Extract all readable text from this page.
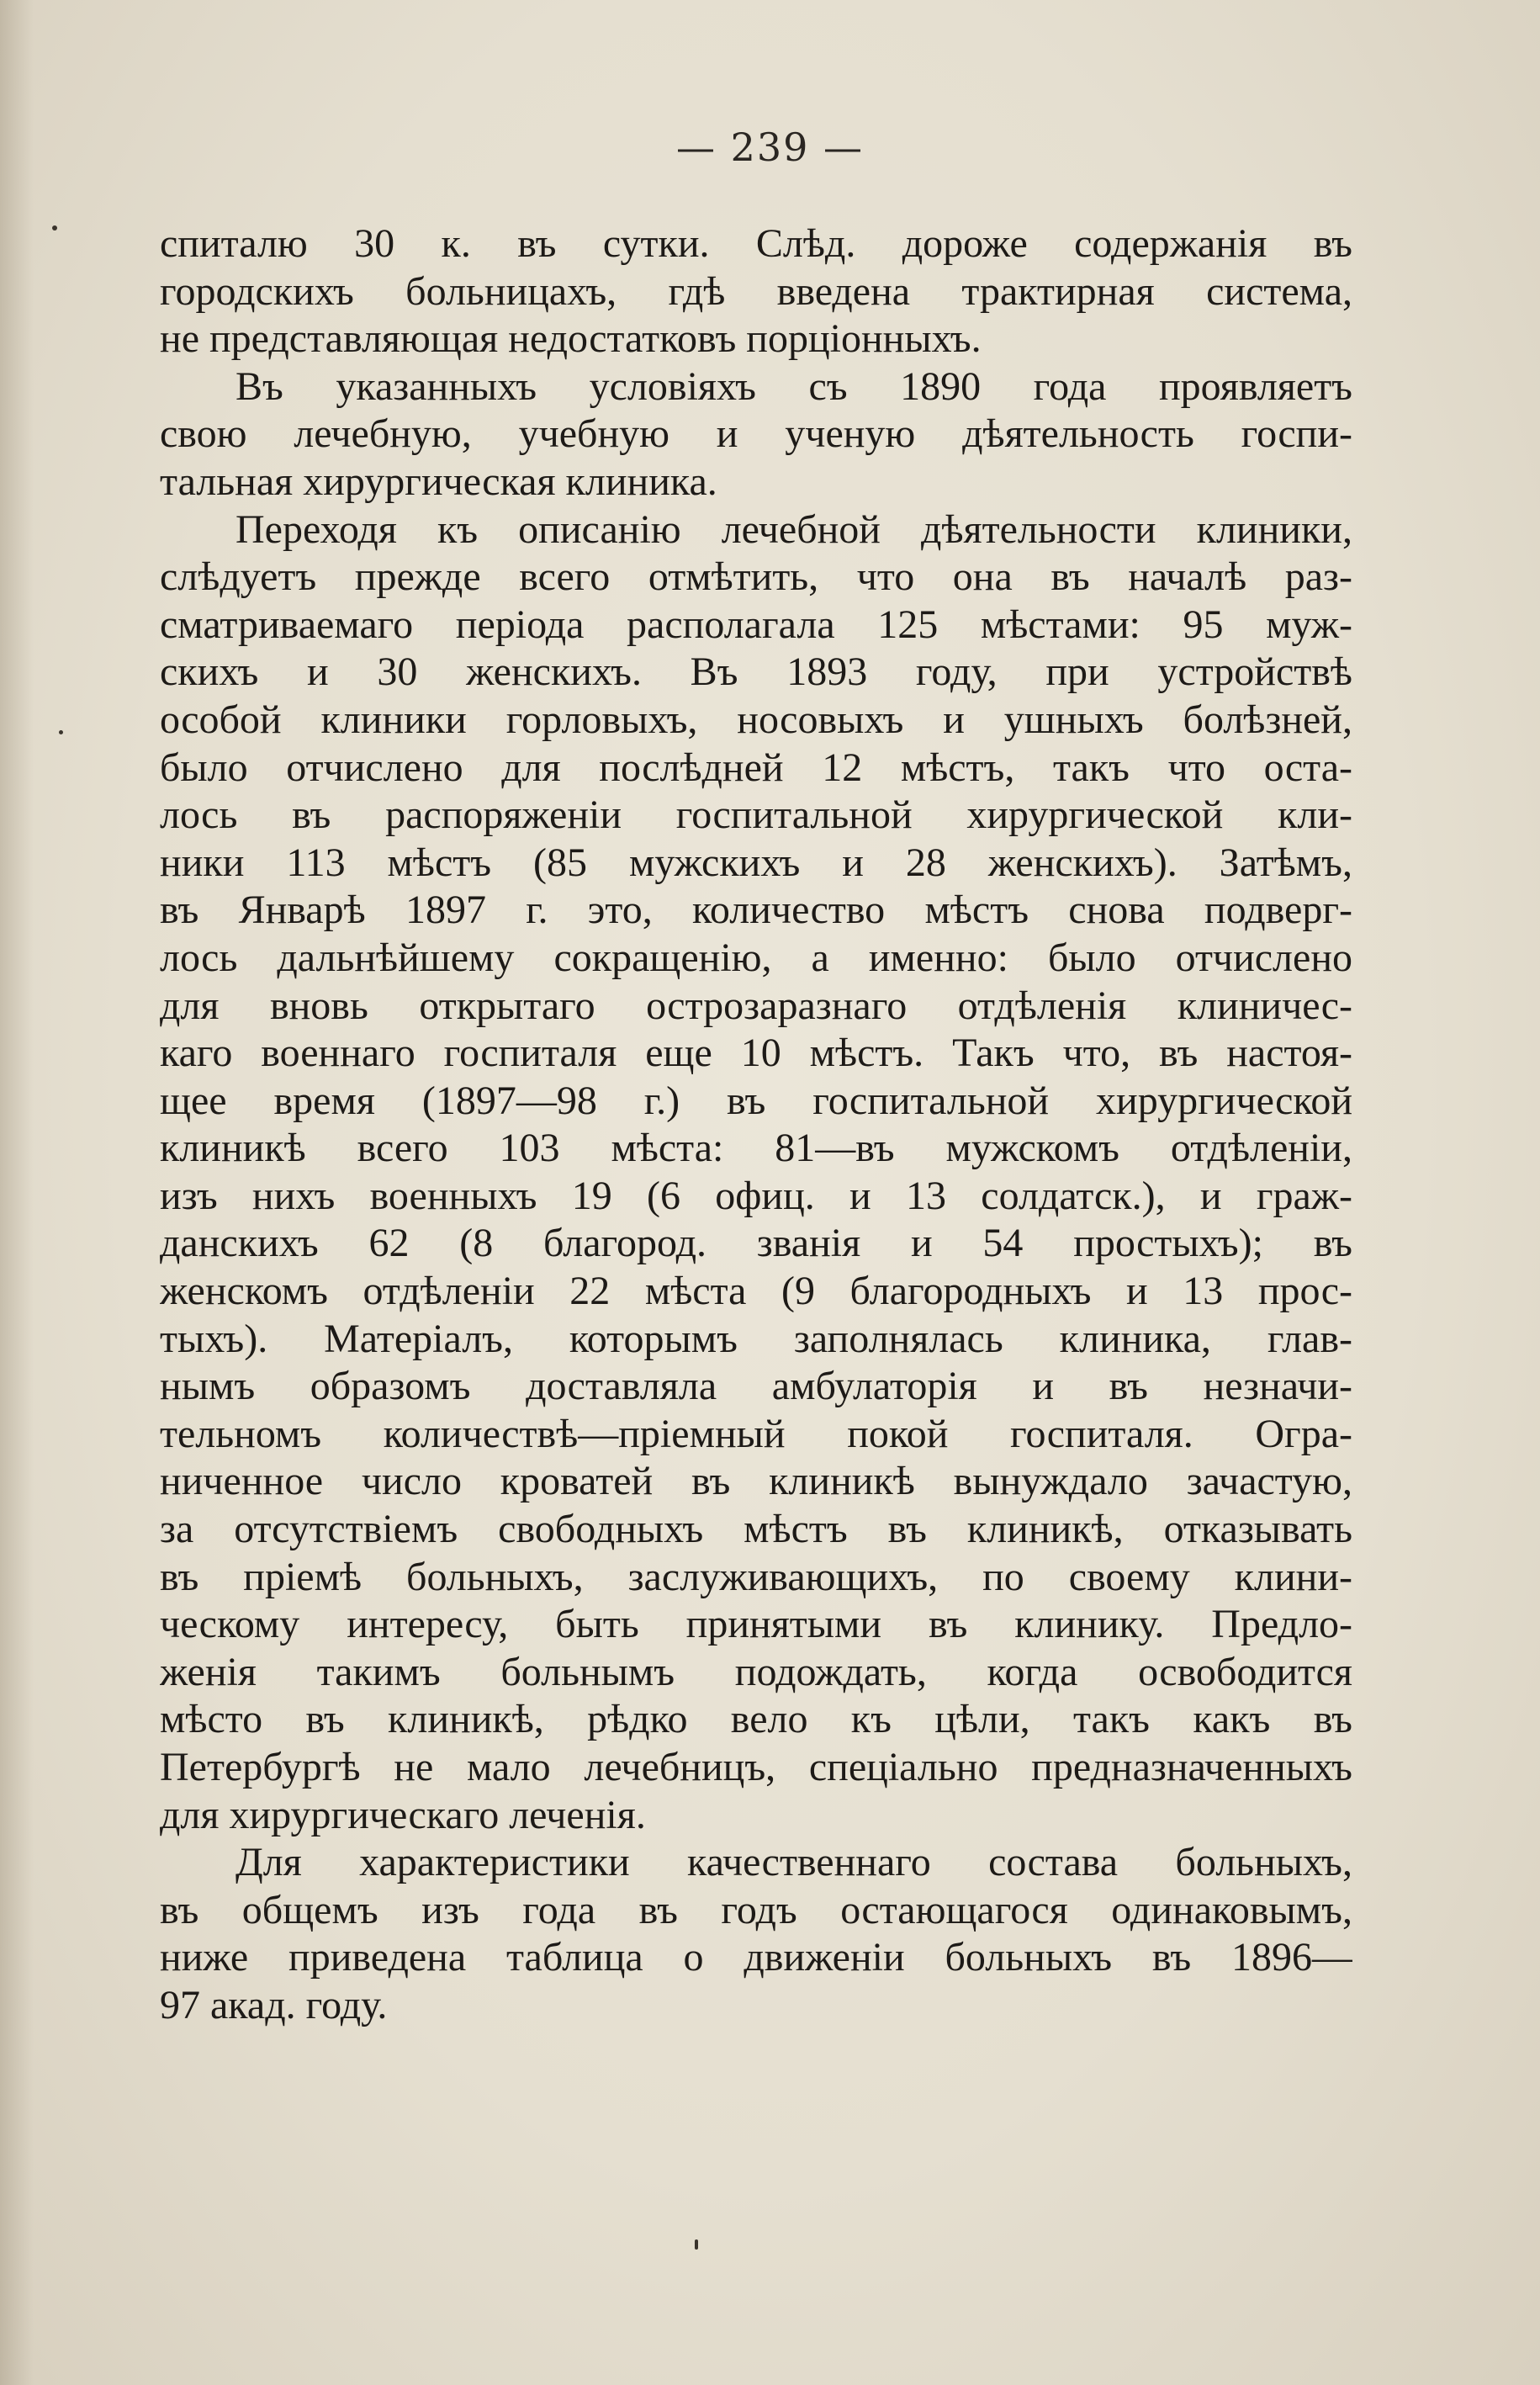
— 239 —
спиталю 30 к. въ сутки. Слѣд. дороже содержанія въ
городскихъ больницахъ, гдѣ введена трактирная система,
не представляющая недостатковъ порціонныхъ.
Въ указанныхъ условіяхъ съ 1890 года проявляетъ
свою лечебную, учебную и ученую дѣятельность госпи-
тальная хирургическая клиника.
Переходя къ описанію лечебной дѣятельности клиники,
слѣдуетъ прежде всего отмѣтить, что она въ началѣ раз-
сматриваемаго періода располагала 125 мѣстами: 95 муж-
скихъ и 30 женскихъ. Въ 1893 году, при устройствѣ
особой клиники горловыхъ, носовыхъ и ушныхъ болѣзней,
было отчислено для послѣдней 12 мѣстъ, такъ что оста-
лось въ распоряженіи госпитальной хирургической кли-
ники 113 мѣстъ (85 мужскихъ и 28 женскихъ). Затѣмъ,
въ Январѣ 1897 г. это, количество мѣстъ снова подверг-
лось дальнѣйшему сокращенію, а именно: было отчислено
для вновь открытаго острозаразнаго отдѣленія клиничес-
каго военнаго госпиталя еще 10 мѣстъ. Такъ что, въ настоя-
щее время (1897—98 г.) въ госпитальной хирургической
клиникѣ всего 103 мѣста: 81—въ мужскомъ отдѣленіи,
изъ нихъ военныхъ 19 (6 офиц. и 13 солдатск.), и граж-
данскихъ 62 (8 благород. званія и 54 простыхъ); въ
женскомъ отдѣленіи 22 мѣста (9 благородныхъ и 13 прос-
тыхъ). Матеріалъ, которымъ заполнялась клиника, глав-
нымъ образомъ доставляла амбулаторія и въ незначи-
тельномъ количествѣ—пріемный покой госпиталя. Огра-
ниченное число кроватей въ клиникѣ вынуждало зачастую,
за отсутствіемъ свободныхъ мѣстъ въ клиникѣ, отказывать
въ пріемѣ больныхъ, заслуживающихъ, по своему клини-
ческому интересу, быть принятыми въ клинику. Предло-
женія такимъ больнымъ подождать, когда освободится
мѣсто въ клиникѣ, рѣдко вело къ цѣли, такъ какъ въ
Петербургѣ не мало лечебницъ, спеціально предназначенныхъ
для хирургическаго леченія.
Для характеристики качественнаго состава больныхъ,
въ общемъ изъ года въ годъ остающагося одинаковымъ,
ниже приведена таблица о движеніи больныхъ въ 1896—
97 акад. году.
